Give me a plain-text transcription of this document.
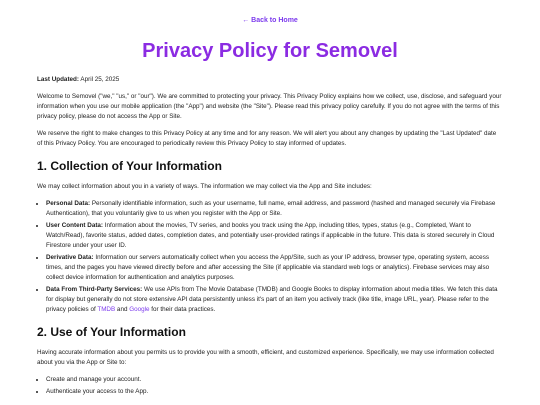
← Back to Home
Privacy Policy for Semovel

Last Updated: April 25, 2025

Welcome to Semovel ("we," "us," or "our"). We are committed to protecting your privacy. This Privacy Policy explains how we collect, use, disclose, and safeguard your information when you use our mobile application (the "App") and website (the "Site"). Please read this privacy policy carefully. If you do not agree with the terms of this privacy policy, please do not access the App or Site.

We reserve the right to make changes to this Privacy Policy at any time and for any reason. We will alert you about any changes by updating the "Last Updated" date of this Privacy Policy. You are encouraged to periodically review this Privacy Policy to stay informed of updates.

1. Collection of Your Information

We may collect information about you in a variety of ways. The information we may collect via the App and Site includes:

• Personal Data: Personally identifiable information, such as your username, full name, email address, and password (hashed and managed securely via Firebase Authentication), that you voluntarily give to us when you register with the App or Site.
• User Content Data: Information about the movies, TV series, and books you track using the App, including titles, types, status (e.g., Completed, Want to Watch/Read), favorite status, added dates, completion dates, and potentially user-provided ratings if applicable in the future. This data is stored securely in Cloud Firestore under your user ID.
• Derivative Data: Information our servers automatically collect when you access the App/Site, such as your IP address, browser type, operating system, access times, and the pages you have viewed directly before and after accessing the Site (if applicable via standard web logs or analytics). Firebase services may also collect device information for authentication and analytics purposes.
• Data From Third-Party Services: We use APIs from The Movie Database (TMDB) and Google Books to display information about media titles. We fetch this data for display but generally do not store extensive API data persistently unless it's part of an item you actively track (like title, image URL, year). Please refer to the privacy policies of TMDB and Google for their data practices.
2. Use of Your Information

Having accurate information about you permits us to provide you with a smooth, efficient, and customized experience. Specifically, we may use information collected about you via the App or Site to:

• Create and manage your account.
• Authenticate your access to the App.
